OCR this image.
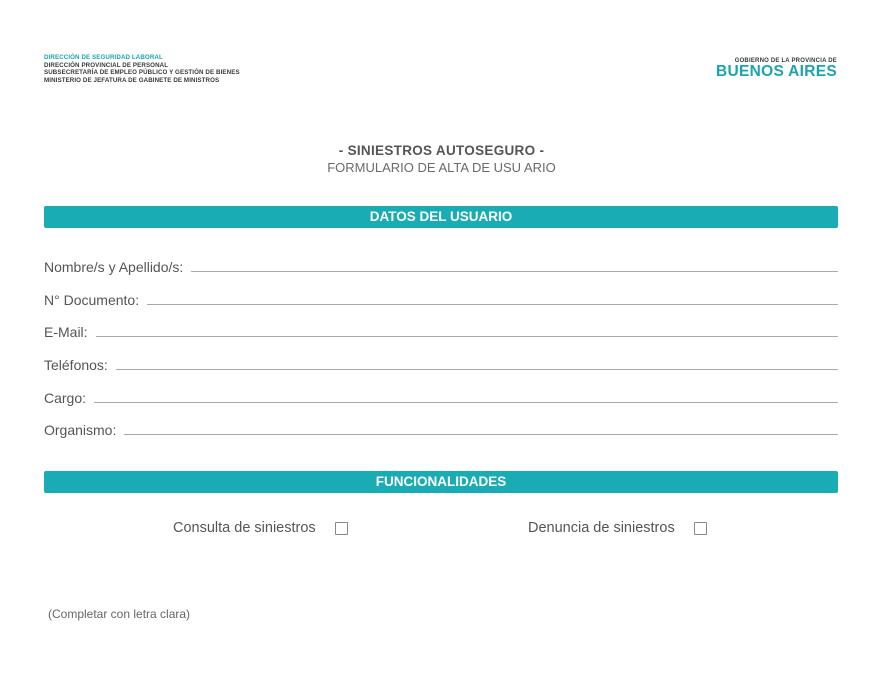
DIRECCIÓN DE SEGURIDAD LABORAL
DIRECCIÓN PROVINCIAL DE PERSONAL
SUBSECRETARÍA DE EMPLEO PÚBLICO Y GESTIÓN DE BIENES
MINISTERIO DE JEFATURA DE GABINETE DE MINISTROS
GOBIERNO DE LA PROVINCIA DE
BUENOS AIRES
- SINIESTROS AUTOSEGURO -
FORMULARIO DE ALTA DE USU ARIO
DATOS DEL USUARIO
Nombre/s y Apellido/s:
N° Documento:
E-Mail:
Teléfonos:
Cargo:
Organismo:
FUNCIONALIDADES
Consulta de siniestros	Denuncia de siniestros
(Completar con letra clara)
